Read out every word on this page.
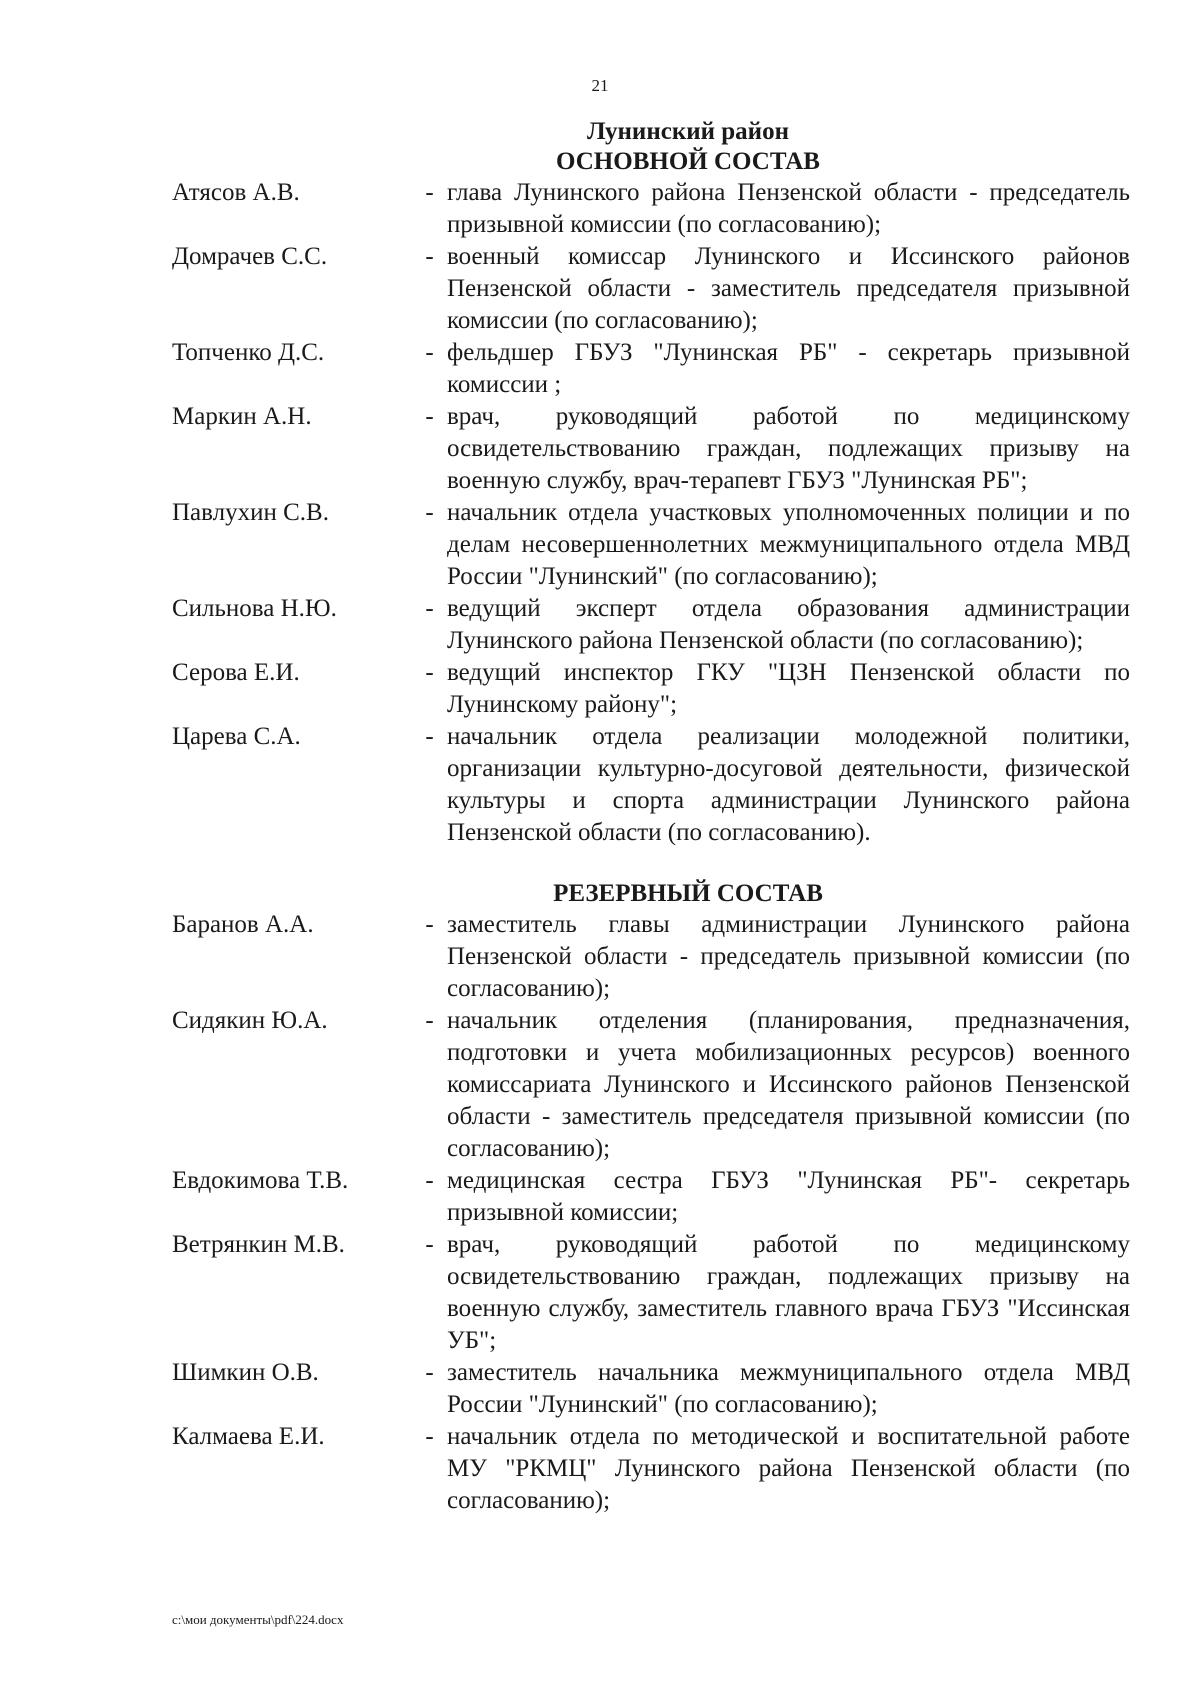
21
Лунинский район
ОСНОВНОЙ СОСТАВ
Атясов А.В.	- глава Лунинского района Пензенской области - председатель призывной комиссии (по согласованию);
Домрачев С.С.	- военный комиссар Лунинского и Иссинского районов Пензенской области - заместитель председателя призывной комиссии (по согласованию);
Топченко Д.С.	- фельдшер ГБУЗ "Лунинская РБ" - секретарь призывной комиссии ;
Маркин А.Н.	- врач, руководящий работой по медицинскому освидетельствованию граждан, подлежащих призыву на военную службу, врач-терапевт ГБУЗ "Лунинская РБ";
Павлухин С.В.	- начальник отдела участковых уполномоченных полиции и по делам несовершеннолетних межмуниципального отдела МВД России "Лунинский" (по согласованию);
Сильнова Н.Ю.	- ведущий эксперт отдела образования администрации Лунинского района Пензенской области (по согласованию);
Серова Е.И.	- ведущий инспектор ГКУ "ЦЗН Пензенской области по Лунинскому району";
Царева С.А.	- начальник отдела реализации молодежной политики, организации культурно-досуговой деятельности, физической культуры и спорта администрации Лунинского района Пензенской области (по согласованию).
РЕЗЕРВНЫЙ СОСТАВ
Баранов А.А.	- заместитель главы администрации Лунинского района Пензенской области - председатель призывной комиссии (по согласованию);
Сидякин Ю.А.	- начальник отделения (планирования, предназначения, подготовки и учета мобилизационных ресурсов) военного комиссариата Лунинского и Иссинского районов Пензенской области - заместитель председателя призывной комиссии (по согласованию);
Евдокимова Т.В.	- медицинская сестра ГБУЗ "Лунинская РБ"- секретарь призывной комиссии;
Ветрянкин М.В.	- врач, руководящий работой по медицинскому освидетельствованию граждан, подлежащих призыву на военную службу, заместитель главного врача ГБУЗ "Иссинская УБ";
Шимкин О.В.	- заместитель начальника межмуниципального отдела МВД России "Лунинский" (по согласованию);
Калмаева Е.И.	- начальник отдела по методической и воспитательной работе МУ "РКМЦ" Лунинского района Пензенской области (по согласованию);
c:\мои документы\pdf\224.docx
